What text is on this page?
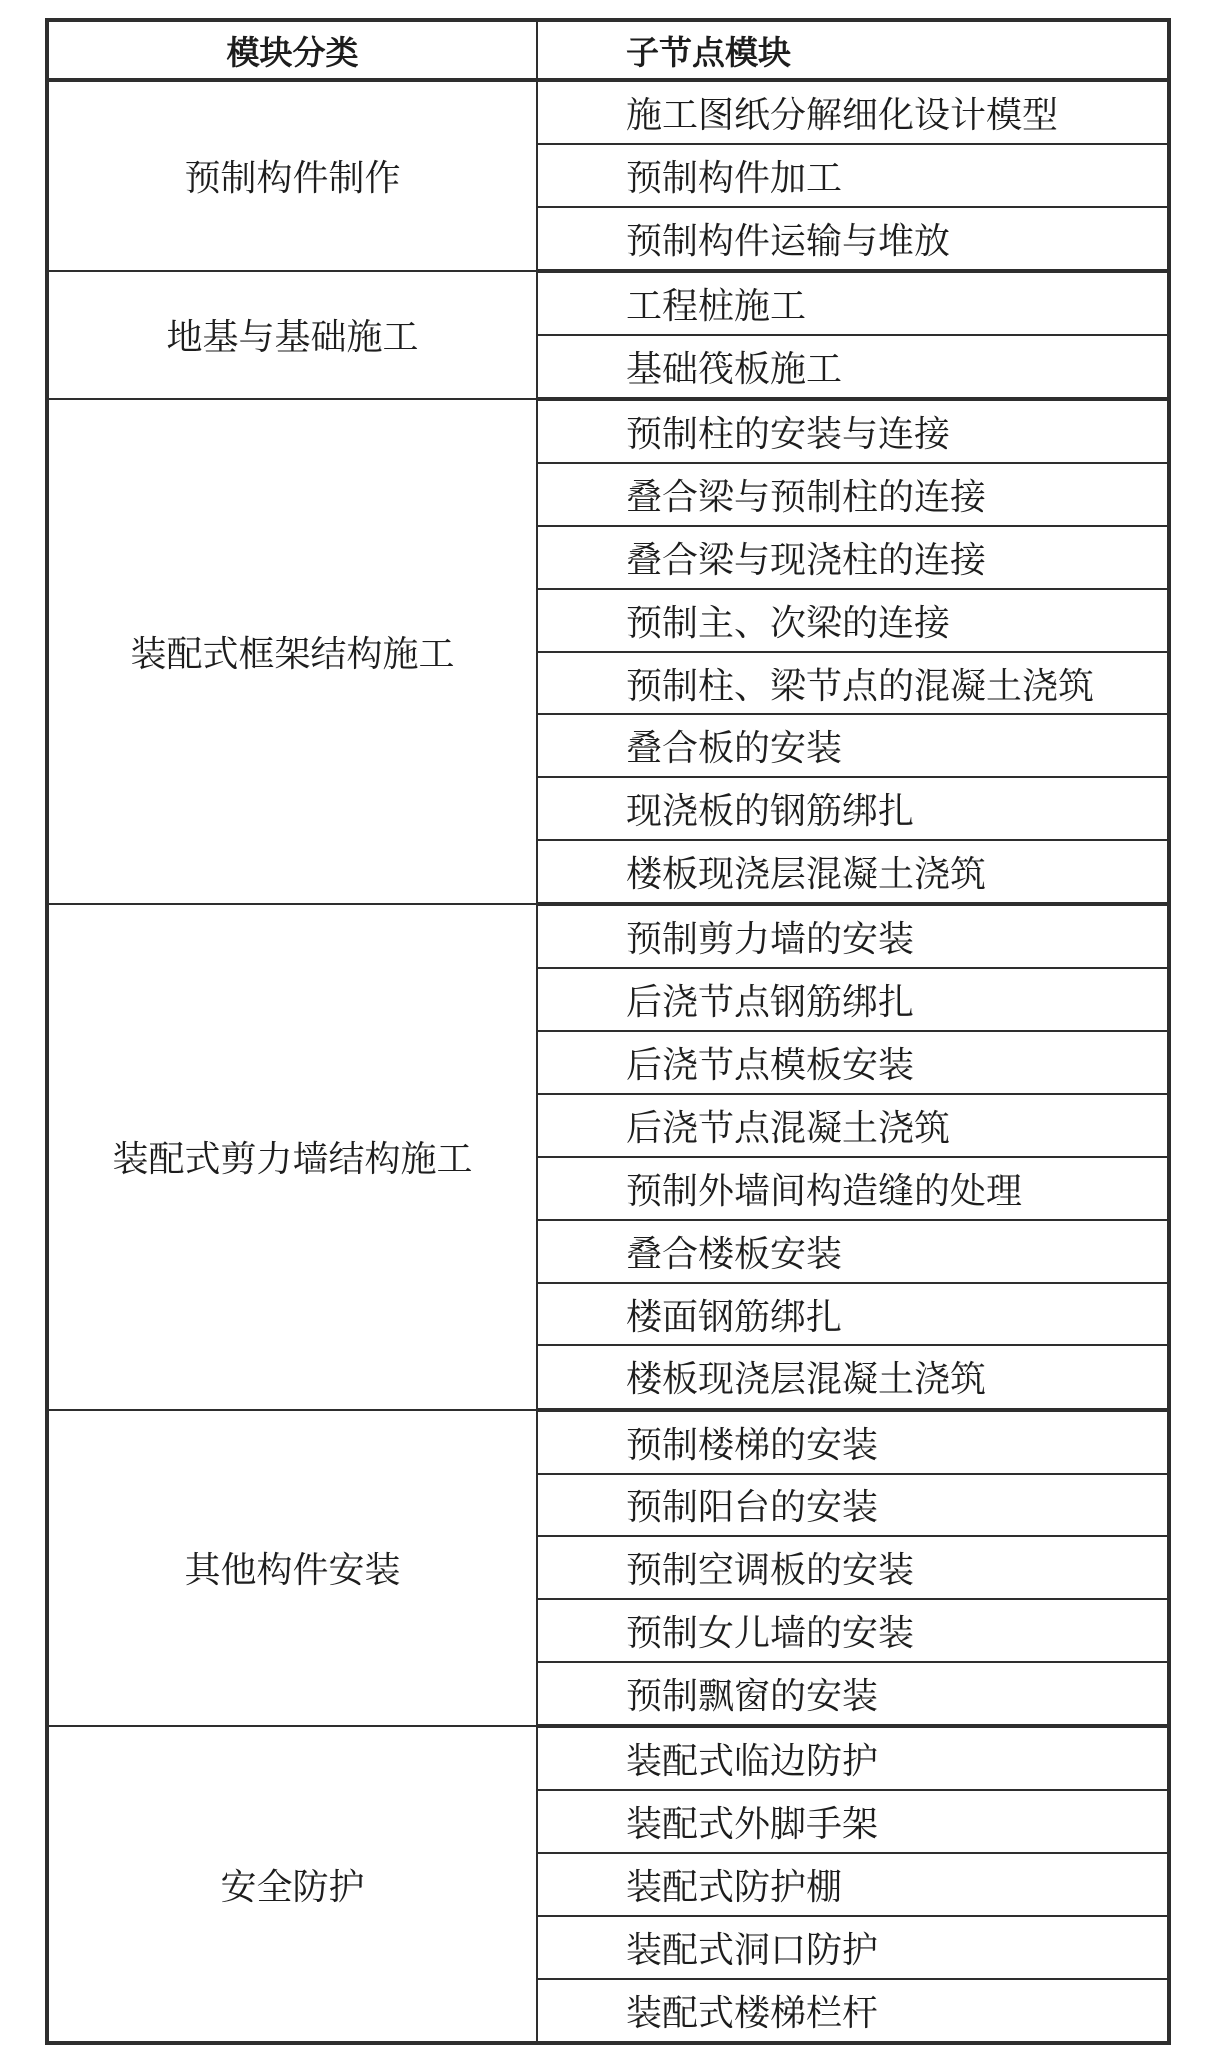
模块分类	子节点模块
预制构件制作	施工图纸分解细化设计模型
	预制构件加工
	预制构件运输与堆放
地基与基础施工	工程桩施工
	基础筏板施工
装配式框架结构施工	预制柱的安装与连接
	叠合梁与预制柱的连接
	叠合梁与现浇柱的连接
	预制主、次梁的连接
	预制柱、梁节点的混凝土浇筑
	叠合板的安装
	现浇板的钢筋绑扎
	楼板现浇层混凝土浇筑
装配式剪力墙结构施工	预制剪力墙的安装
	后浇节点钢筋绑扎
	后浇节点模板安装
	后浇节点混凝土浇筑
	预制外墙间构造缝的处理
	叠合楼板安装
	楼面钢筋绑扎
	楼板现浇层混凝土浇筑
其他构件安装	预制楼梯的安装
	预制阳台的安装
	预制空调板的安装
	预制女儿墙的安装
	预制飘窗的安装
安全防护	装配式临边防护
	装配式外脚手架
	装配式防护棚
	装配式洞口防护
	装配式楼梯栏杆
